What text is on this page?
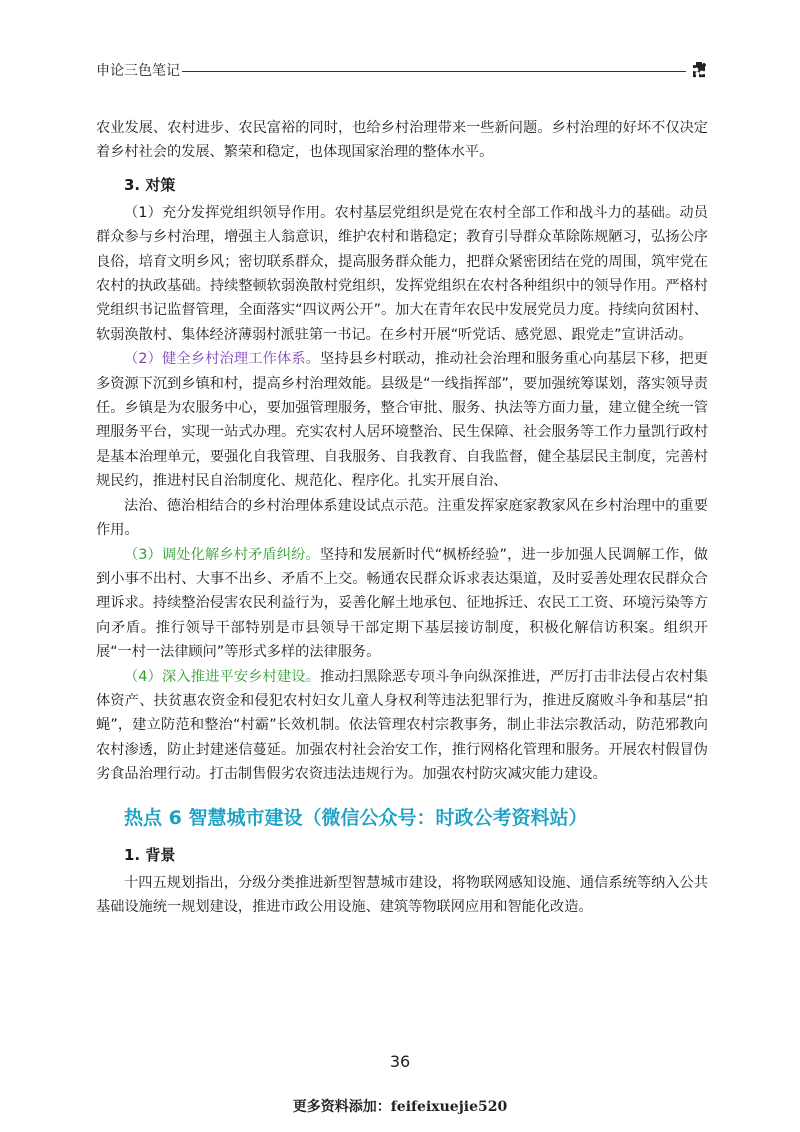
申论三色笔记

农业发展、农村进步、农民富裕的同时，也给乡村治理带来一些新问题。乡村治理的好坏不仅决定着乡村社会的发展、繁荣和稳定，也体现国家治理的整体水平。

3. 对策

（1）充分发挥党组织领导作用。农村基层党组织是党在农村全部工作和战斗力的基础。动员群众参与乡村治理，增强主人翁意识，维护农村和谐稳定；教育引导群众革除陈规陋习，弘扬公序良俗，培育文明乡风；密切联系群众，提高服务群众能力，把群众紧密团结在党的周围，筑牢党在农村的执政基础。持续整顿软弱涣散村党组织，发挥党组织在农村各种组织中的领导作用。严格村党组织书记监督管理，全面落实“四议两公开”。加大在青年农民中发展党员力度。持续向贫困村、软弱涣散村、集体经济薄弱村派驻第一书记。在乡村开展“听党话、感党恩、跟党走”宣讲活动。

（2）健全乡村治理工作体系。坚持县乡村联动，推动社会治理和服务重心向基层下移，把更多资源下沉到乡镇和村，提高乡村治理效能。县级是“一线指挥部”，要加强统筹谋划，落实领导责任。乡镇是为农服务中心，要加强管理服务，整合审批、服务、执法等方面力量，建立健全统一管理服务平台，实现一站式办理。充实农村人居环境整治、民生保障、社会服务等工作力量凯行政村是基本治理单元，要强化自我管理、自我服务、自我教育、自我监督，健全基层民主制度，完善村规民约，推进村民自治制度化、规范化、程序化。扎实开展自治、

法治、德治相结合的乡村治理体系建设试点示范。注重发挥家庭家教家风在乡村治理中的重要作用。

（3）调处化解乡村矛盾纠纷。坚持和发展新时代“枫桥经验”，进一步加强人民调解工作，做到小事不出村、大事不出乡、矛盾不上交。畅通农民群众诉求表达渠道，及时妥善处理农民群众合理诉求。持续整治侵害农民利益行为，妥善化解土地承包、征地拆迁、农民工工资、环境污染等方向矛盾。推行领导干部特别是市县领导干部定期下基层接访制度，积极化解信访积案。组织开展“一村一法律顾问”等形式多样的法律服务。

（4）深入推进平安乡村建设。推动扫黑除恶专项斗争向纵深推进，严厉打击非法侵占农村集体资产、扶贫惠农资金和侵犯农村妇女儿童人身权利等违法犯罪行为，推进反腐败斗争和基层“拍蝇”，建立防范和整治“村霸”长效机制。依法管理农村宗教事务，制止非法宗教活动，防范邪教向农村渗透，防止封建迷信蔓延。加强农村社会治安工作，推行网格化管理和服务。开展农村假冒伪劣食品治理行动。打击制售假劣农资违法违规行为。加强农村防灾减灾能力建设。

热点 6 智慧城市建设（微信公众号：时政公考资料站）
1. 背景

十四五规划指出，分级分类推进新型智慧城市建设，将物联网感知设施、通信系统等纳入公共基础设施统一规划建设，推进市政公用设施、建筑等物联网应用和智能化改造。

36
更多资料添加：feifeixuejie520
